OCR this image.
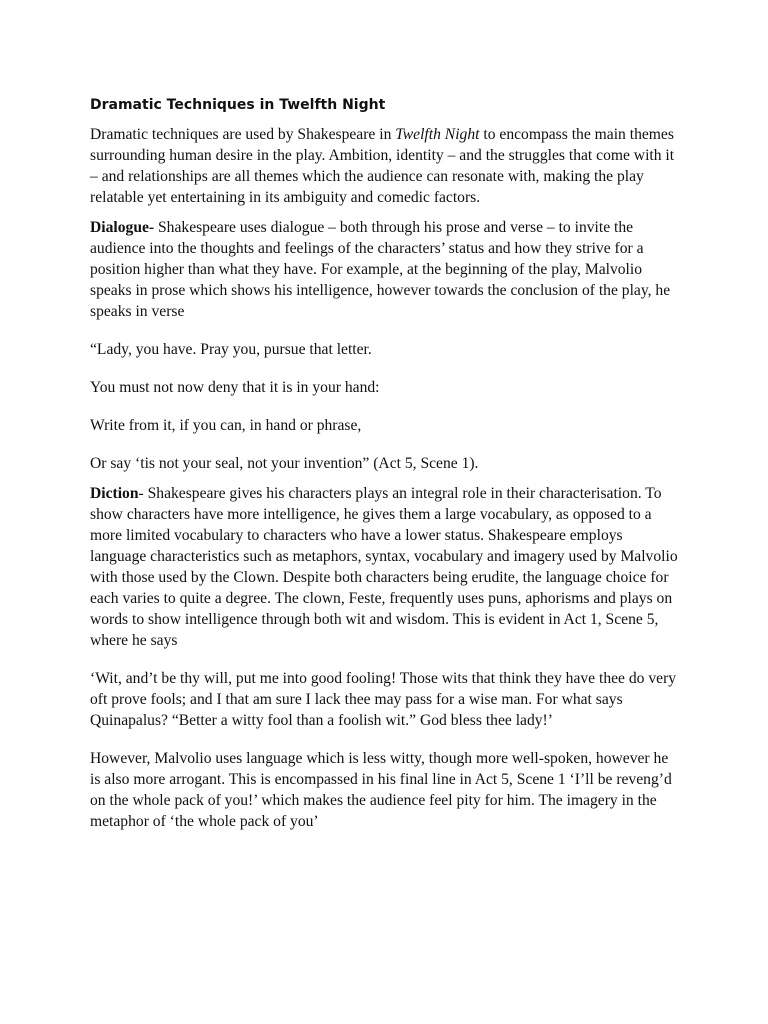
Dramatic Techniques in Twelfth Night

Dramatic techniques are used by Shakespeare in Twelfth Night to encompass the main themes surrounding human desire in the play. Ambition, identity – and the struggles that come with it – and relationships are all themes which the audience can resonate with, making the play relatable yet entertaining in its ambiguity and comedic factors.

Dialogue- Shakespeare uses dialogue – both through his prose and verse – to invite the audience into the thoughts and feelings of the characters’ status and how they strive for a position higher than what they have. For example, at the beginning of the play, Malvolio speaks in prose which shows his intelligence, however towards the conclusion of the play, he speaks in verse

“Lady, you have. Pray you, pursue that letter.

You must not now deny that it is in your hand:

Write from it, if you can, in hand or phrase,

Or say ‘tis not your seal, not your invention” (Act 5, Scene 1).

Diction- Shakespeare gives his characters plays an integral role in their characterisation. To show characters have more intelligence, he gives them a large vocabulary, as opposed to a more limited vocabulary to characters who have a lower status. Shakespeare employs language characteristics such as metaphors, syntax, vocabulary and imagery used by Malvolio with those used by the Clown. Despite both characters being erudite, the language choice for each varies to quite a degree. The clown, Feste, frequently uses puns, aphorisms and plays on words to show intelligence through both wit and wisdom. This is evident in Act 1, Scene 5, where he says

‘Wit, and’t be thy will, put me into good fooling! Those wits that think they have thee do very oft prove fools; and I that am sure I lack thee may pass for a wise man. For what says Quinapalus? “Better a witty fool than a foolish wit.” God bless thee lady!’

However, Malvolio uses language which is less witty, though more well-spoken, however he is also more arrogant. This is encompassed in his final line in Act 5, Scene 1 ‘I’ll be reveng’d on the whole pack of you!’ which makes the audience feel pity for him. The imagery in the metaphor of ‘the whole pack of you’
